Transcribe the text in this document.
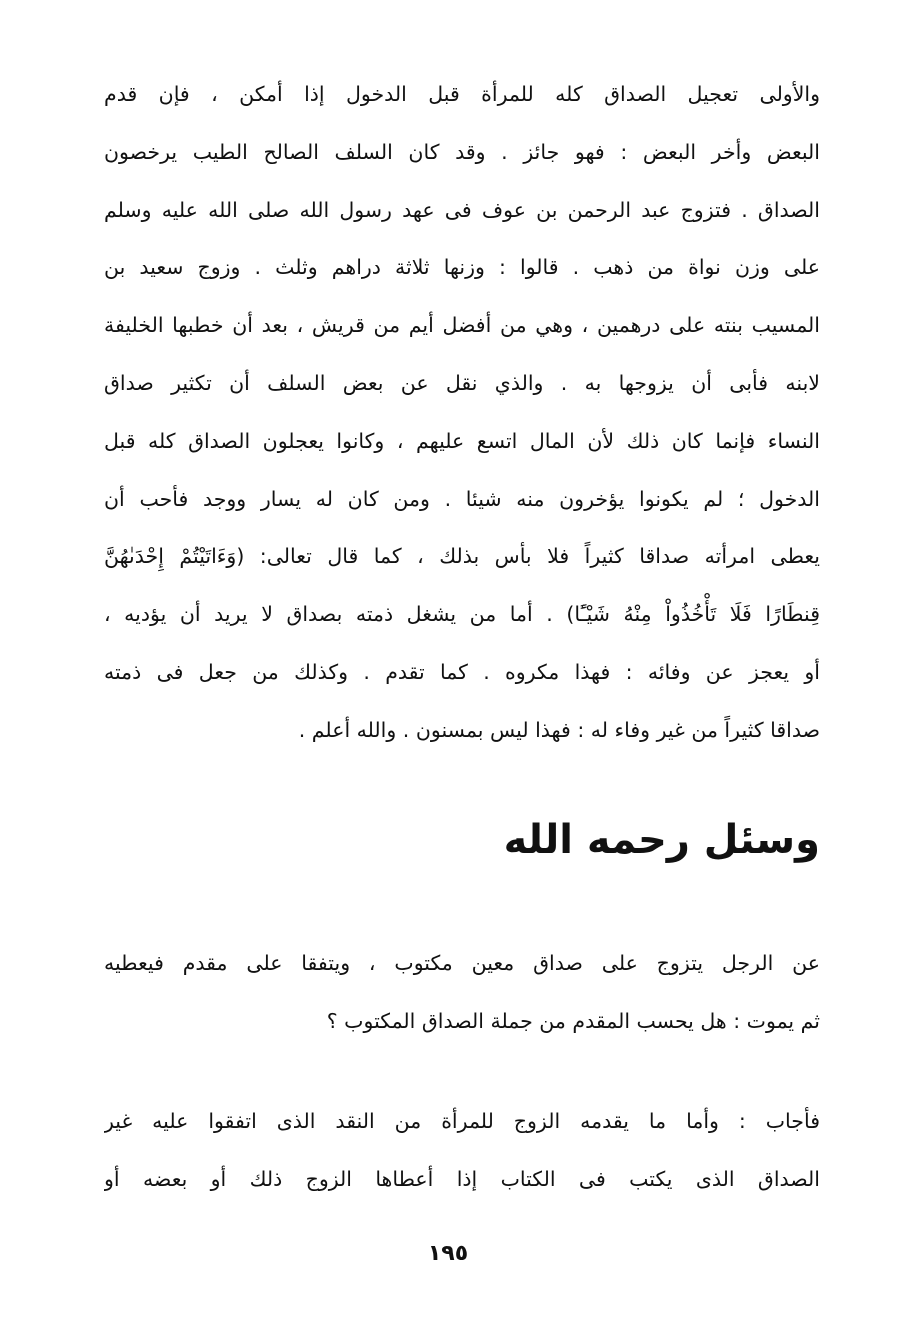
والأولى تعجيل الصداق كله للمرأة قبل الدخول إذا أمكن ، فإن قدم
البعض وأخر البعض : فهو جائز . وقد كان السلف الصالح الطيب يرخصون
الصداق . فتزوج عبد الرحمن بن عوف فى عهد رسول الله صلى الله عليه وسلم
على وزن نواة من ذهب . قالوا : وزنها ثلاثة دراهم وثلث . وزوج سعيد بن
المسيب بنته على درهمين ، وهي من أفضل أيم من قريش ، بعد أن خطبها الخليفة
لابنه فأبى أن يزوجها به . والذي نقل عن بعض السلف أن تكثير صداق
النساء فإنما كان ذلك لأن المال اتسع عليهم ، وكانوا يعجلون الصداق كله قبل
الدخول ؛ لم يكونوا يؤخرون منه شيئا . ومن كان له يسار ووجد فأحب أن
يعطى امرأته صداقا كثيراً فلا بأس بذلك ، كما قال تعالى: (وَءَاتَيْتُمْ إِحْدَىٰهُنَّ
قِنطَارًا فَلَا تَأْخُذُواْ مِنْهُ شَيْـًٔا) . أما من يشغل ذمته بصداق لا يريد أن يؤديه ،
أو يعجز عن وفائه : فهذا مكروه . كما تقدم . وكذلك من جعل فى ذمته
صداقا كثيراً من غير وفاء له : فهذا ليس بمسنون . والله أعلم .
وسئل رحمه الله
عن الرجل يتزوج على صداق معين مكتوب ، ويتفقا على مقدم فيعطيه
ثم يموت : هل يحسب المقدم من جملة الصداق المكتوب ؟
فأجاب : وأما ما يقدمه الزوج للمرأة من النقد الذى اتفقوا عليه غير
الصداق الذى يكتب فى الكتاب إذا أعطاها الزوج ذلك أو بعضه أو
١٩٥
